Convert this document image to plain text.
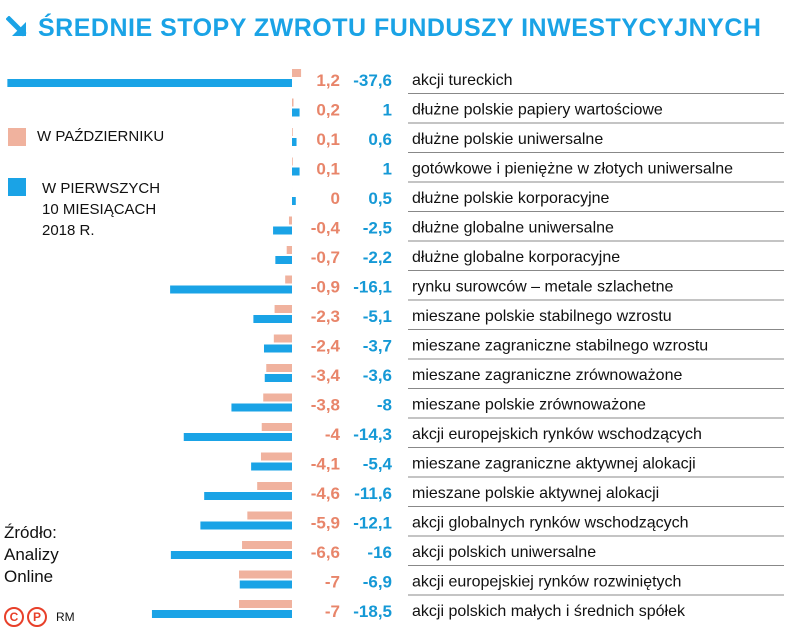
ŚREDNIE STOPY ZWROTU FUNDUSZY INWESTYCYJNYCH
1,2 -37,6 akcji tureckich
0,2	1 dłużne polskie papiery wartościowe
0,1 0,6 dłużne polskie uniwersalne
0,1	1 gotówkowe i pieniężne w złotych uniwersalne
0 0,5 dłużne polskie korporacyjne
-0,4 -2,5 dłużne globalne uniwersalne
-0,7 -2,2 dłużne globalne korporacyjne
-0,9 -16,1 rynku surowców – metale szlachetne
-2,3 -5,1 mieszane polskie stabilnego wzrostu
-2,4 -3,7 mieszane zagraniczne stabilnego wzrostu
-3,4 -3,6 mieszane zagraniczne zrównoważone
-3,8 -8 mieszane polskie zrównoważone
-4 -14,3 akcji europejskich rynków wschodzących
-4,1 -5,4 mieszane zagraniczne aktywnej alokacji
-4,6 -11,6 mieszane polskie aktywnej alokacji
-5,9 -12,1 akcji globalnych rynków wschodzących
-6,6 -16 akcji polskich uniwersalne
-7 -6,9 akcji europejskiej rynków rozwiniętych
-7 -18,5 akcji polskich małych i średnich spółek
W PAŹDZIERNIKU
W PIERWSZYCH
10 MIESIĄCACH
2018 R.
Źródło:
Analizy
Online
C	P	RM
